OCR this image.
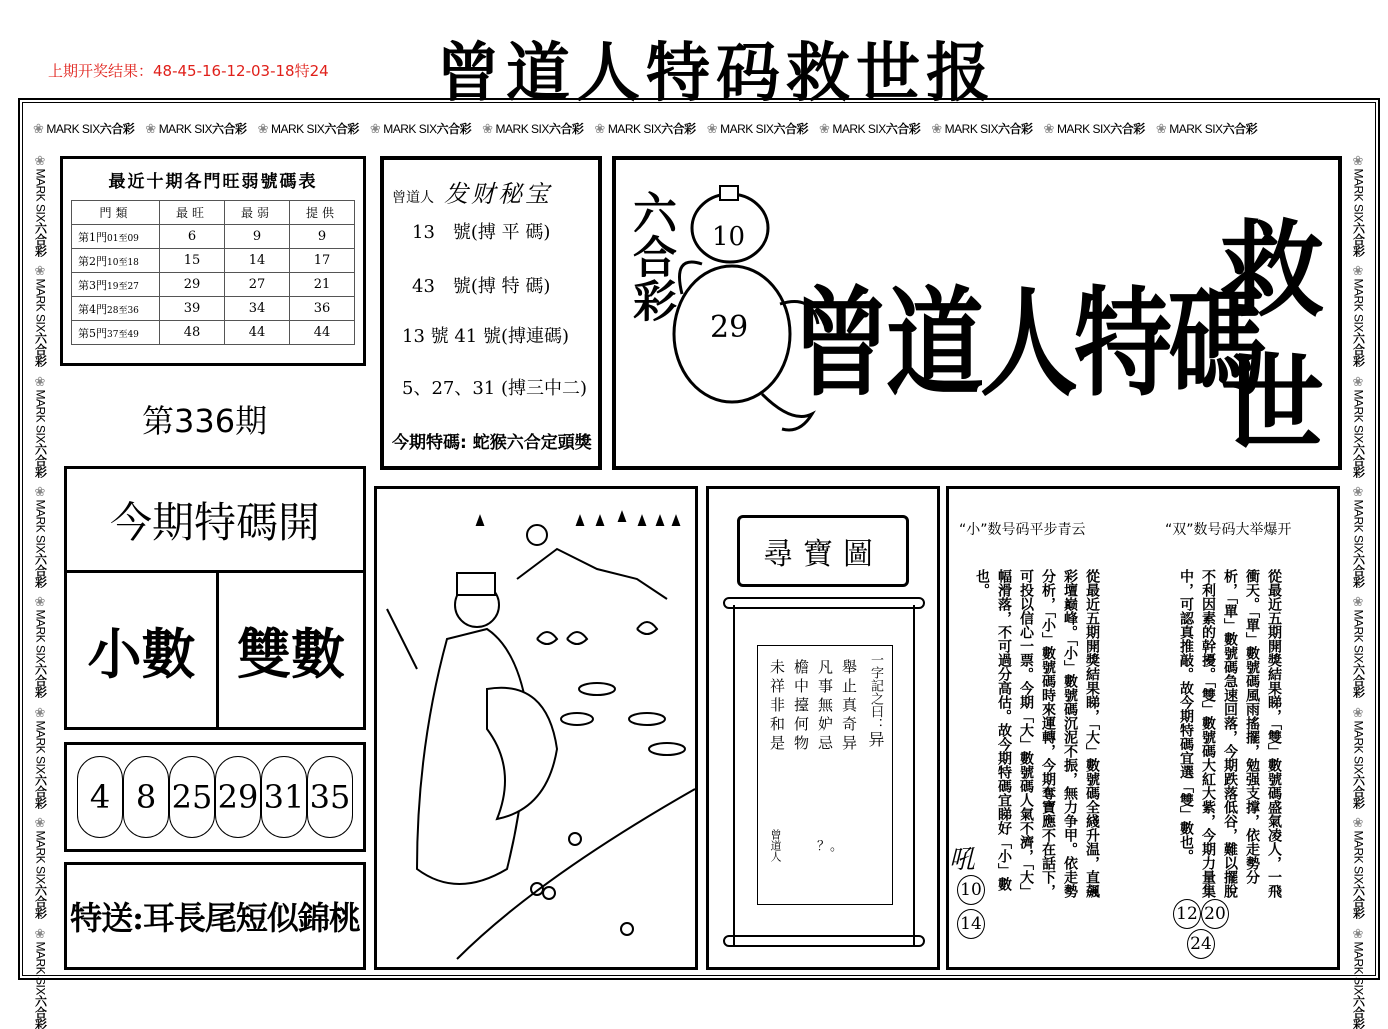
上期开奖结果：48-45-16-12-03-18特24 曾道人特码救世报
❀ MARK SIX六合彩 ❀ MARK SIX六合彩 ❀ MARK SIX六合彩 ❀ MARK SIX六合彩 ❀ MARK SIX六合彩 ❀ MARK SIX六合彩 ❀ MARK SIX六合彩 ❀ MARK SIX六合彩 ❀ MARK SIX六合彩 ❀ MARK SIX六合彩 ❀ MARK SIX六合彩
❀MARK SIX六合彩
❀MARK SIX六合彩
❀MARK SIX六合彩
❀MARK SIX六合彩
❀MARK SIX六合彩
❀MARK SIX六合彩
❀MARK SIX六合彩
❀MARK SIX六合彩
❀MARK SIX六合彩
❀MARK SIX六合彩
❀MARK SIX六合彩
❀MARK SIX六合彩
❀MARK SIX六合彩
❀MARK SIX六合彩
❀MARK SIX六合彩
❀MARK SIX六合彩
最近十期各門旺弱號碼表
門類	最旺	最弱	提供
第1門01至09	6	9	9
第2門10至18	15	14	17
第3門19至27	29	27	21
第4門28至36	39	34	36
第5門37至49	48	44	44
第336期
曾道人 发财秘宝
13　號(搏 平 碼)
43　號(搏 特 碼)
13 號 41 號(搏連碼)
5、27、31 (搏三中二)
今期特碼: 蛇猴六合定頭獎
六合彩 10
29 曾道人特碼
救
世
今期特碼開
小數 雙數
4 8 25 29 31 35
特送:耳長尾短似錦桃
尋寶圖
一字記之曰：异
舉止真奇异
凡事無妒忌
檐中擡何物
未祥非和是
？。
曾道人
“小”数号码平步青云	“双”数号码大举爆开
從最近五期開獎結果睇，「雙」數號碼盛氣凌人，一飛衝天。「單」數號碼風雨搖擺，勉强支撑，依走勢分析，「單」數號碼急速回落，今期跌落低谷，難以擺脫不利因素的幹擾。「雙」數號碼大紅大紫，今期力量集中，可認真推敲。故今期特碼宜選「雙」數也。
從最近五期開獎結果睇，「大」數號碼全綫升温，直飆彩壇巅峰。「小」數號碼沉泥不振，無力争甲。依走勢分析，「小」數號碼時來運轉，今期奪寶應不在話下，可投以信心一票。今期「大」數號碼人氣不濟，「大」幅滑落，不可過分高估。故今期特碼宜睇好「小」數也。
吼
10
14	12 20
24
